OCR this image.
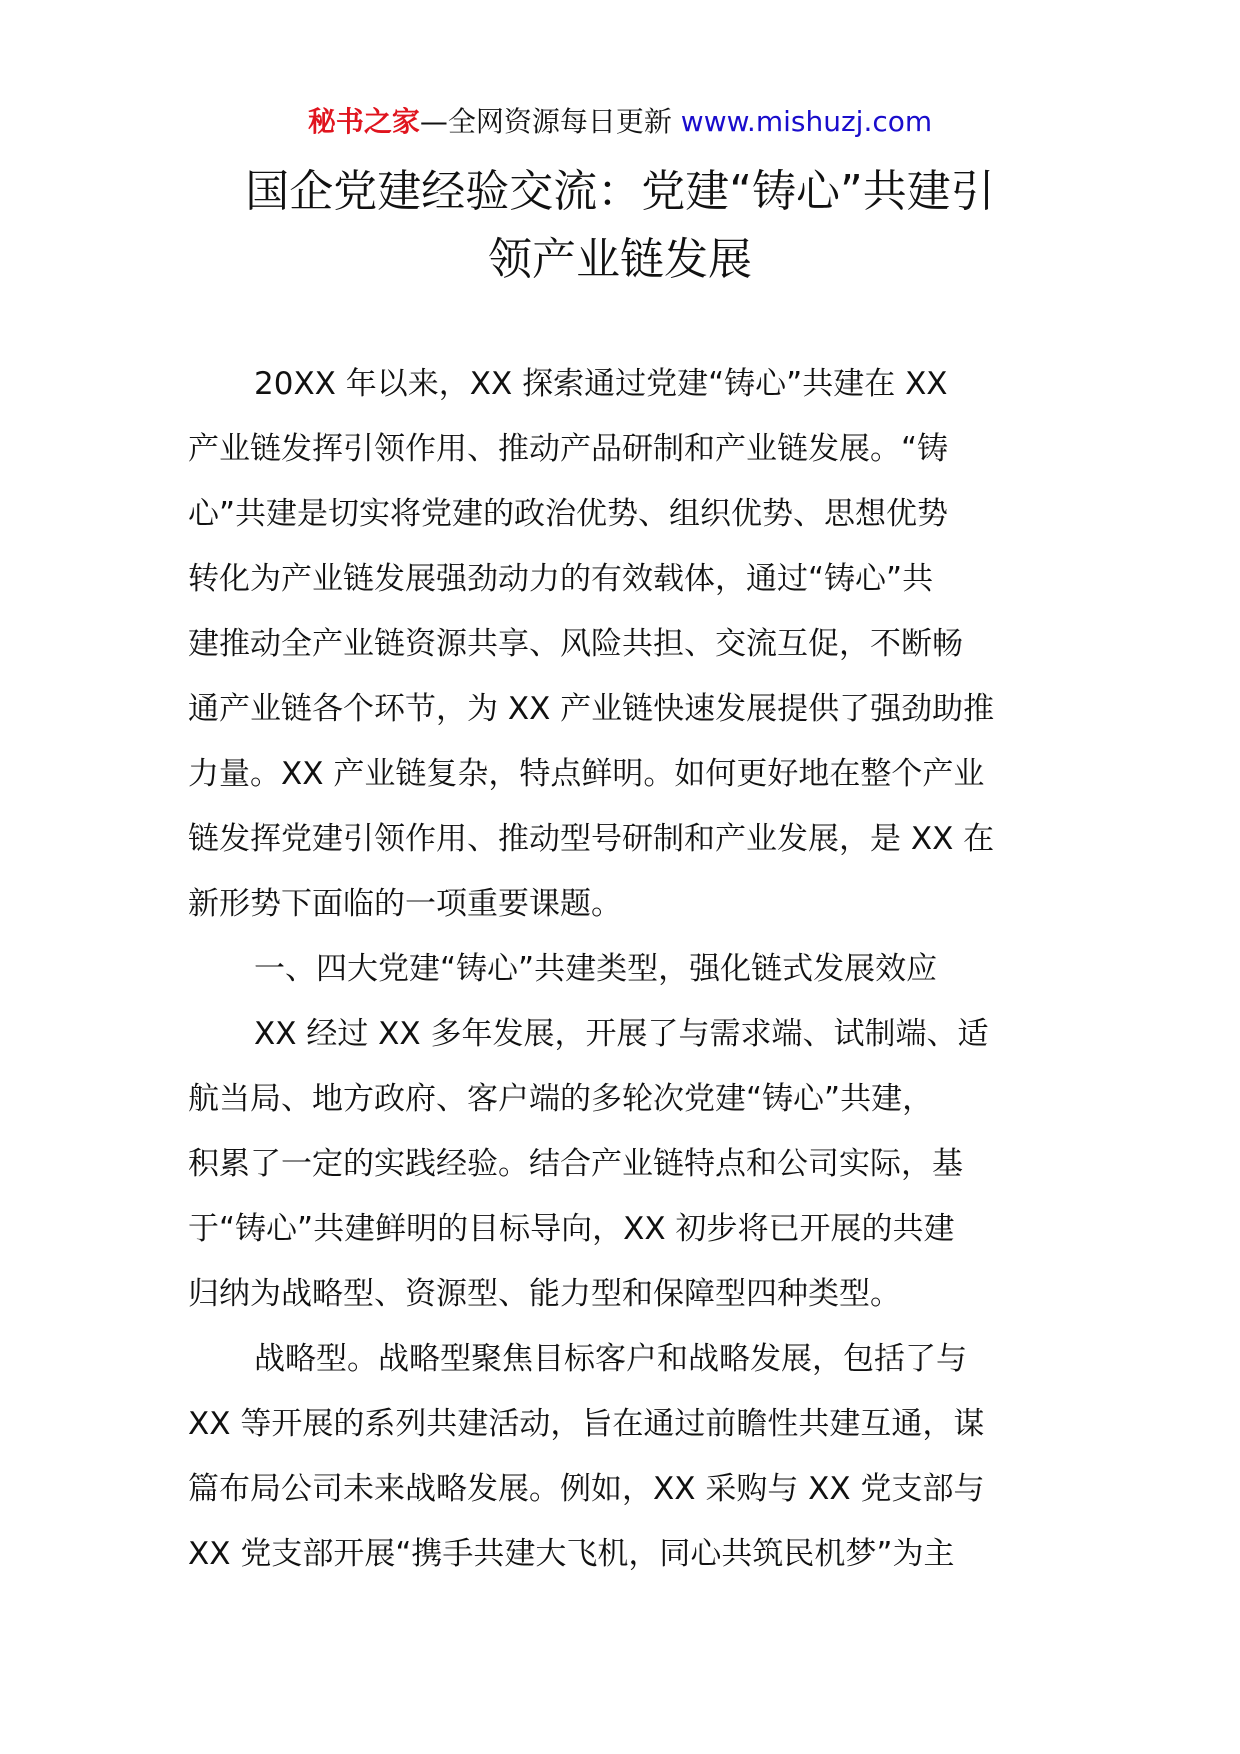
秘书之家—全网资源每日更新 www.mishuzj.com
国企党建经验交流：党建“铸心”共建引
领产业链发展
20XX 年以来，XX 探索通过党建“铸心”共建在 XX
产业链发挥引领作用、推动产品研制和产业链发展。“铸
心”共建是切实将党建的政治优势、组织优势、思想优势
转化为产业链发展强劲动力的有效载体，通过“铸心”共
建推动全产业链资源共享、风险共担、交流互促，不断畅
通产业链各个环节，为 XX 产业链快速发展提供了强劲助推
力量。XX 产业链复杂，特点鲜明。如何更好地在整个产业
链发挥党建引领作用、推动型号研制和产业发展，是 XX 在
新形势下面临的一项重要课题。
一、四大党建“铸心”共建类型，强化链式发展效应
XX 经过 XX 多年发展，开展了与需求端、试制端、适
航当局、地方政府、客户端的多轮次党建“铸心”共建，
积累了一定的实践经验。结合产业链特点和公司实际，基
于“铸心”共建鲜明的目标导向，XX 初步将已开展的共建
归纳为战略型、资源型、能力型和保障型四种类型。
战略型。战略型聚焦目标客户和战略发展，包括了与
XX 等开展的系列共建活动，旨在通过前瞻性共建互通，谋
篇布局公司未来战略发展。例如，XX 采购与 XX 党支部与
XX 党支部开展“携手共建大飞机，同心共筑民机梦”为主
